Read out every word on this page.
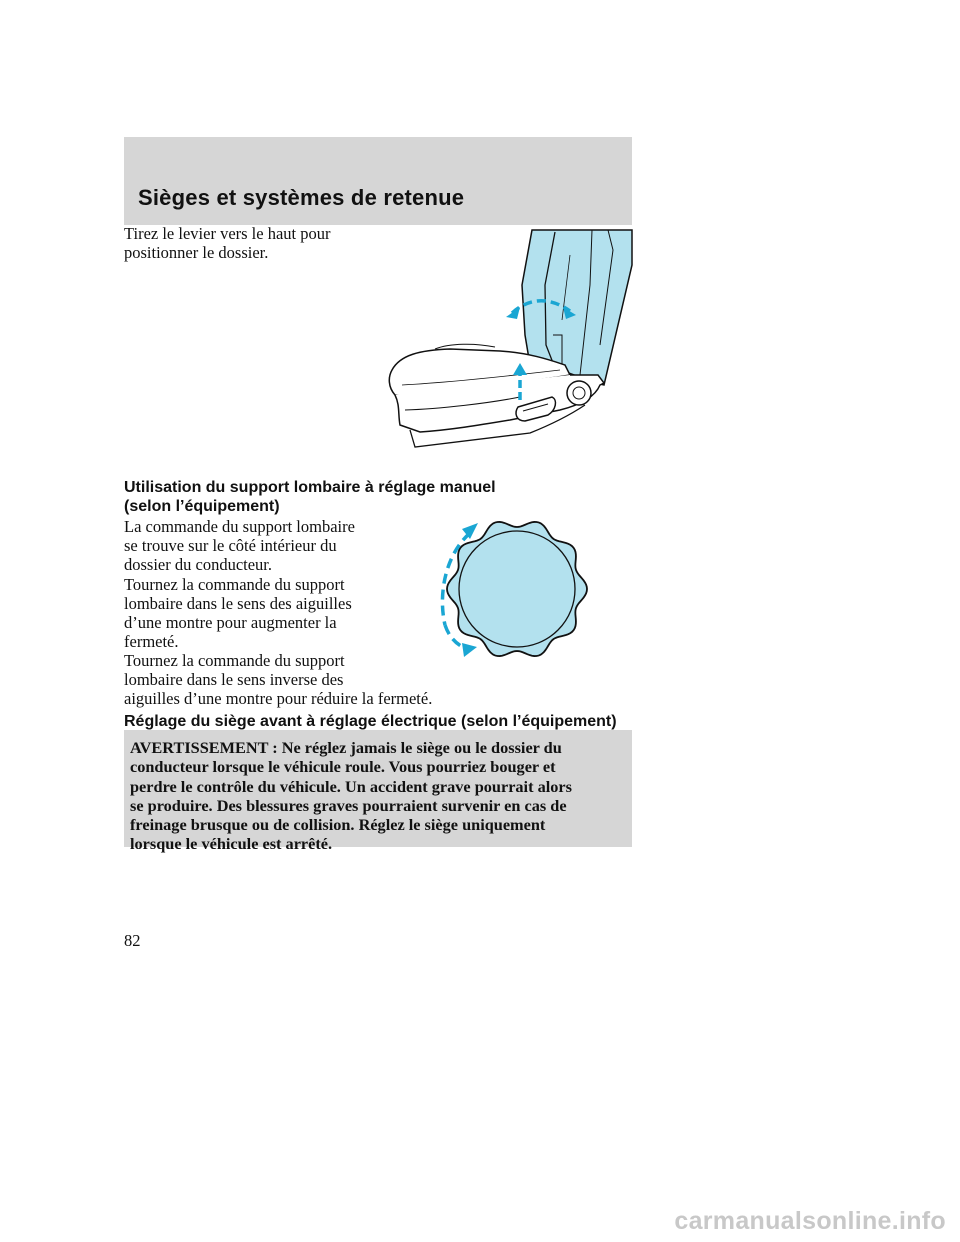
Sièges et systèmes de retenue

Tirez le levier vers le haut pour

positionner le dossier.

Utilisation du support lombaire à réglage manuel
(selon l’équipement)

La commande du support lombaire

se trouve sur le côté intérieur du

dossier du conducteur.

Tournez la commande du support

lombaire dans le sens des aiguilles

d’une montre pour augmenter la

fermeté.

Tournez la commande du support

lombaire dans le sens inverse des

aiguilles d’une montre pour réduire la fermeté.

Réglage du siège avant à réglage électrique (selon l’équipement)
AVERTISSEMENT : Ne réglez jamais le siège ou le dossier du
conducteur lorsque le véhicule roule. Vous pourriez bouger et
perdre le contrôle du véhicule. Un accident grave pourrait alors
se produire. Des blessures graves pourraient survenir en cas de
freinage brusque ou de collision. Réglez le siège uniquement
lorsque le véhicule est arrêté.
82
carmanualsonline.info
